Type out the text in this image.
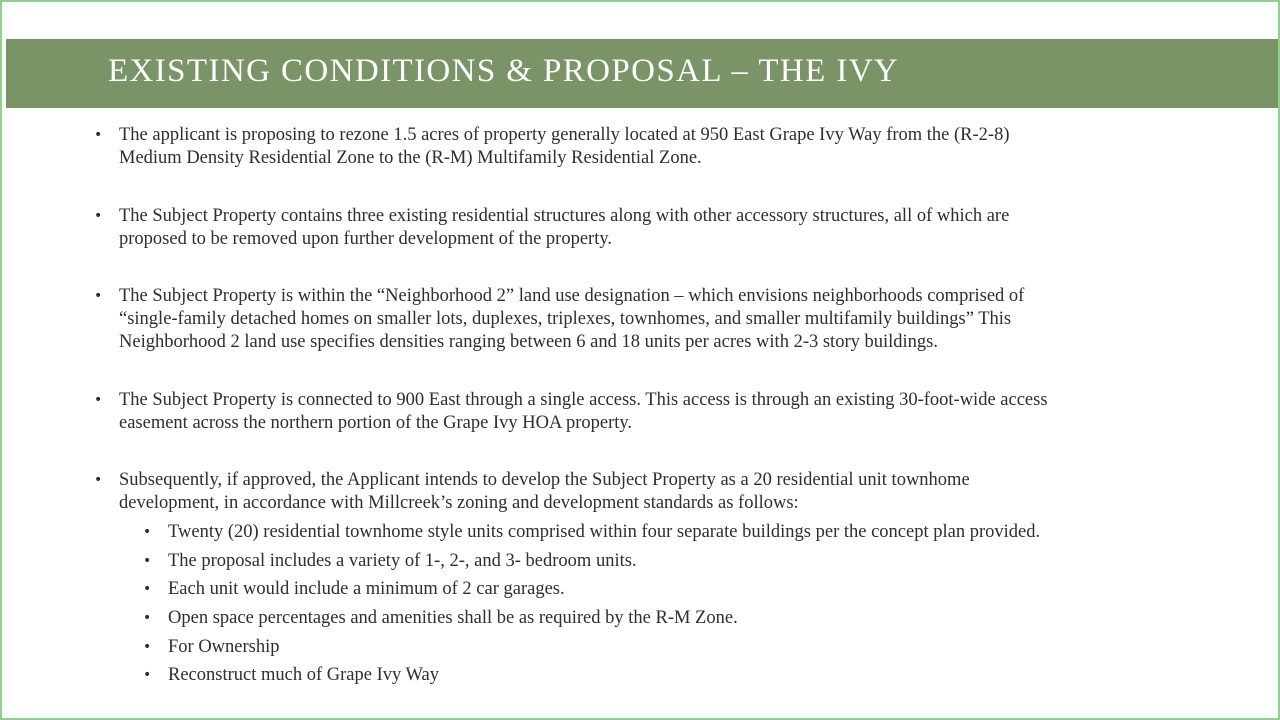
EXISTING CONDITIONS & PROPOSAL – THE IVY
• The applicant is proposing to rezone 1.5 acres of property generally located at 950 East Grape Ivy Way from the (R-2-8)
Medium Density Residential Zone to the (R-M) Multifamily Residential Zone.
• The Subject Property contains three existing residential structures along with other accessory structures, all of which are
proposed to be removed upon further development of the property.
• The Subject Property is within the “Neighborhood 2” land use designation – which envisions neighborhoods comprised of
“single-family detached homes on smaller lots, duplexes, triplexes, townhomes, and smaller multifamily buildings” This
Neighborhood 2 land use specifies densities ranging between 6 and 18 units per acres with 2-3 story buildings.
• The Subject Property is connected to 900 East through a single access. This access is through an existing 30-foot-wide access
easement across the northern portion of the Grape Ivy HOA property.
• Subsequently, if approved, the Applicant intends to develop the Subject Property as a 20 residential unit townhome
development, in accordance with Millcreek’s zoning and development standards as follows:
• Twenty (20) residential townhome style units comprised within four separate buildings per the concept plan provided.
• The proposal includes a variety of 1-, 2-, and 3- bedroom units.
• Each unit would include a minimum of 2 car garages.
• Open space percentages and amenities shall be as required by the R-M Zone.
• For Ownership
• Reconstruct much of Grape Ivy Way
